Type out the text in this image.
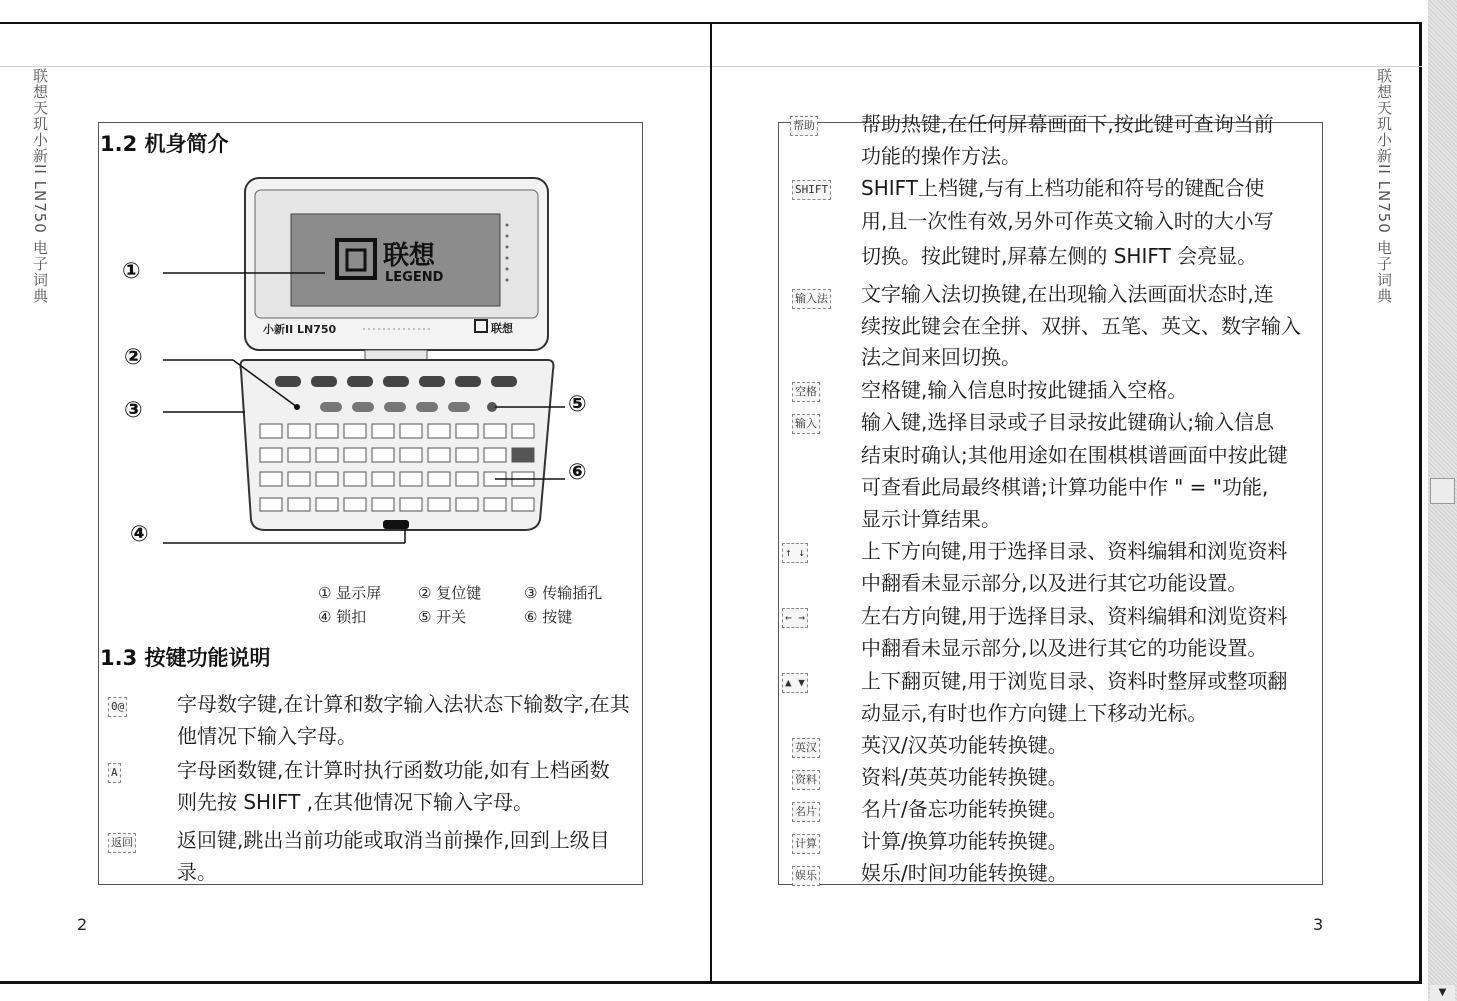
联想天玑小新II LN750 电子词典 1.2 机身简介
联想
LEGEND
小新II LN750	联想
①
②
③
④
⑤
⑥
① 显示屏 ② 复位键	③ 传输插孔
④ 锁扣	⑤ 开关	⑥ 按键
1.3 按键功能说明
0@	字母数字键,在计算和数字输入法状态下输数字,在其
他情况下输入字母。
A	字母函数键,在计算时执行函数功能,如有上档函数
则先按 SHIFT ,在其他情况下输入字母。
返回 返回键,跳出当前功能或取消当前操作,回到上级目
录。
2
帮助 帮助热键,在任何屏幕画面下,按此键可查询当前
功能的操作方法。
SHIFT SHIFT上档键,与有上档功能和符号的键配合使
用,且一次性有效,另外可作英文输入时的大小写
切换。按此键时,屏幕左侧的 SHIFT 会亮显。
输入法 文字输入法切换键,在出现输入法画面状态时,连
续按此键会在全拼、双拼、五笔、英文、数字输入
法之间来回切换。
空格 空格键,输入信息时按此键插入空格。
输入 输入键,选择目录或子目录按此键确认;输入信息
结束时确认;其他用途如在围棋棋谱画面中按此键
可查看此局最终棋谱;计算功能中作 " = "功能,
显示计算结果。
↑ ↓	上下方向键,用于选择目录、资料编辑和浏览资料
中翻看未显示部分,以及进行其它功能设置。
← →	左右方向键,用于选择目录、资料编辑和浏览资料
中翻看未显示部分,以及进行其它的功能设置。
▲ ▼	上下翻页键,用于浏览目录、资料时整屏或整项翻
动显示,有时也作方向键上下移动光标。
英汉 英汉/汉英功能转换键。
资料 资料/英英功能转换键。
名片 名片/备忘功能转换键。
计算 计算/换算功能转换键。
娱乐 娱乐/时间功能转换键。
联想天玑小新II LN750 电子词典
3
▼
